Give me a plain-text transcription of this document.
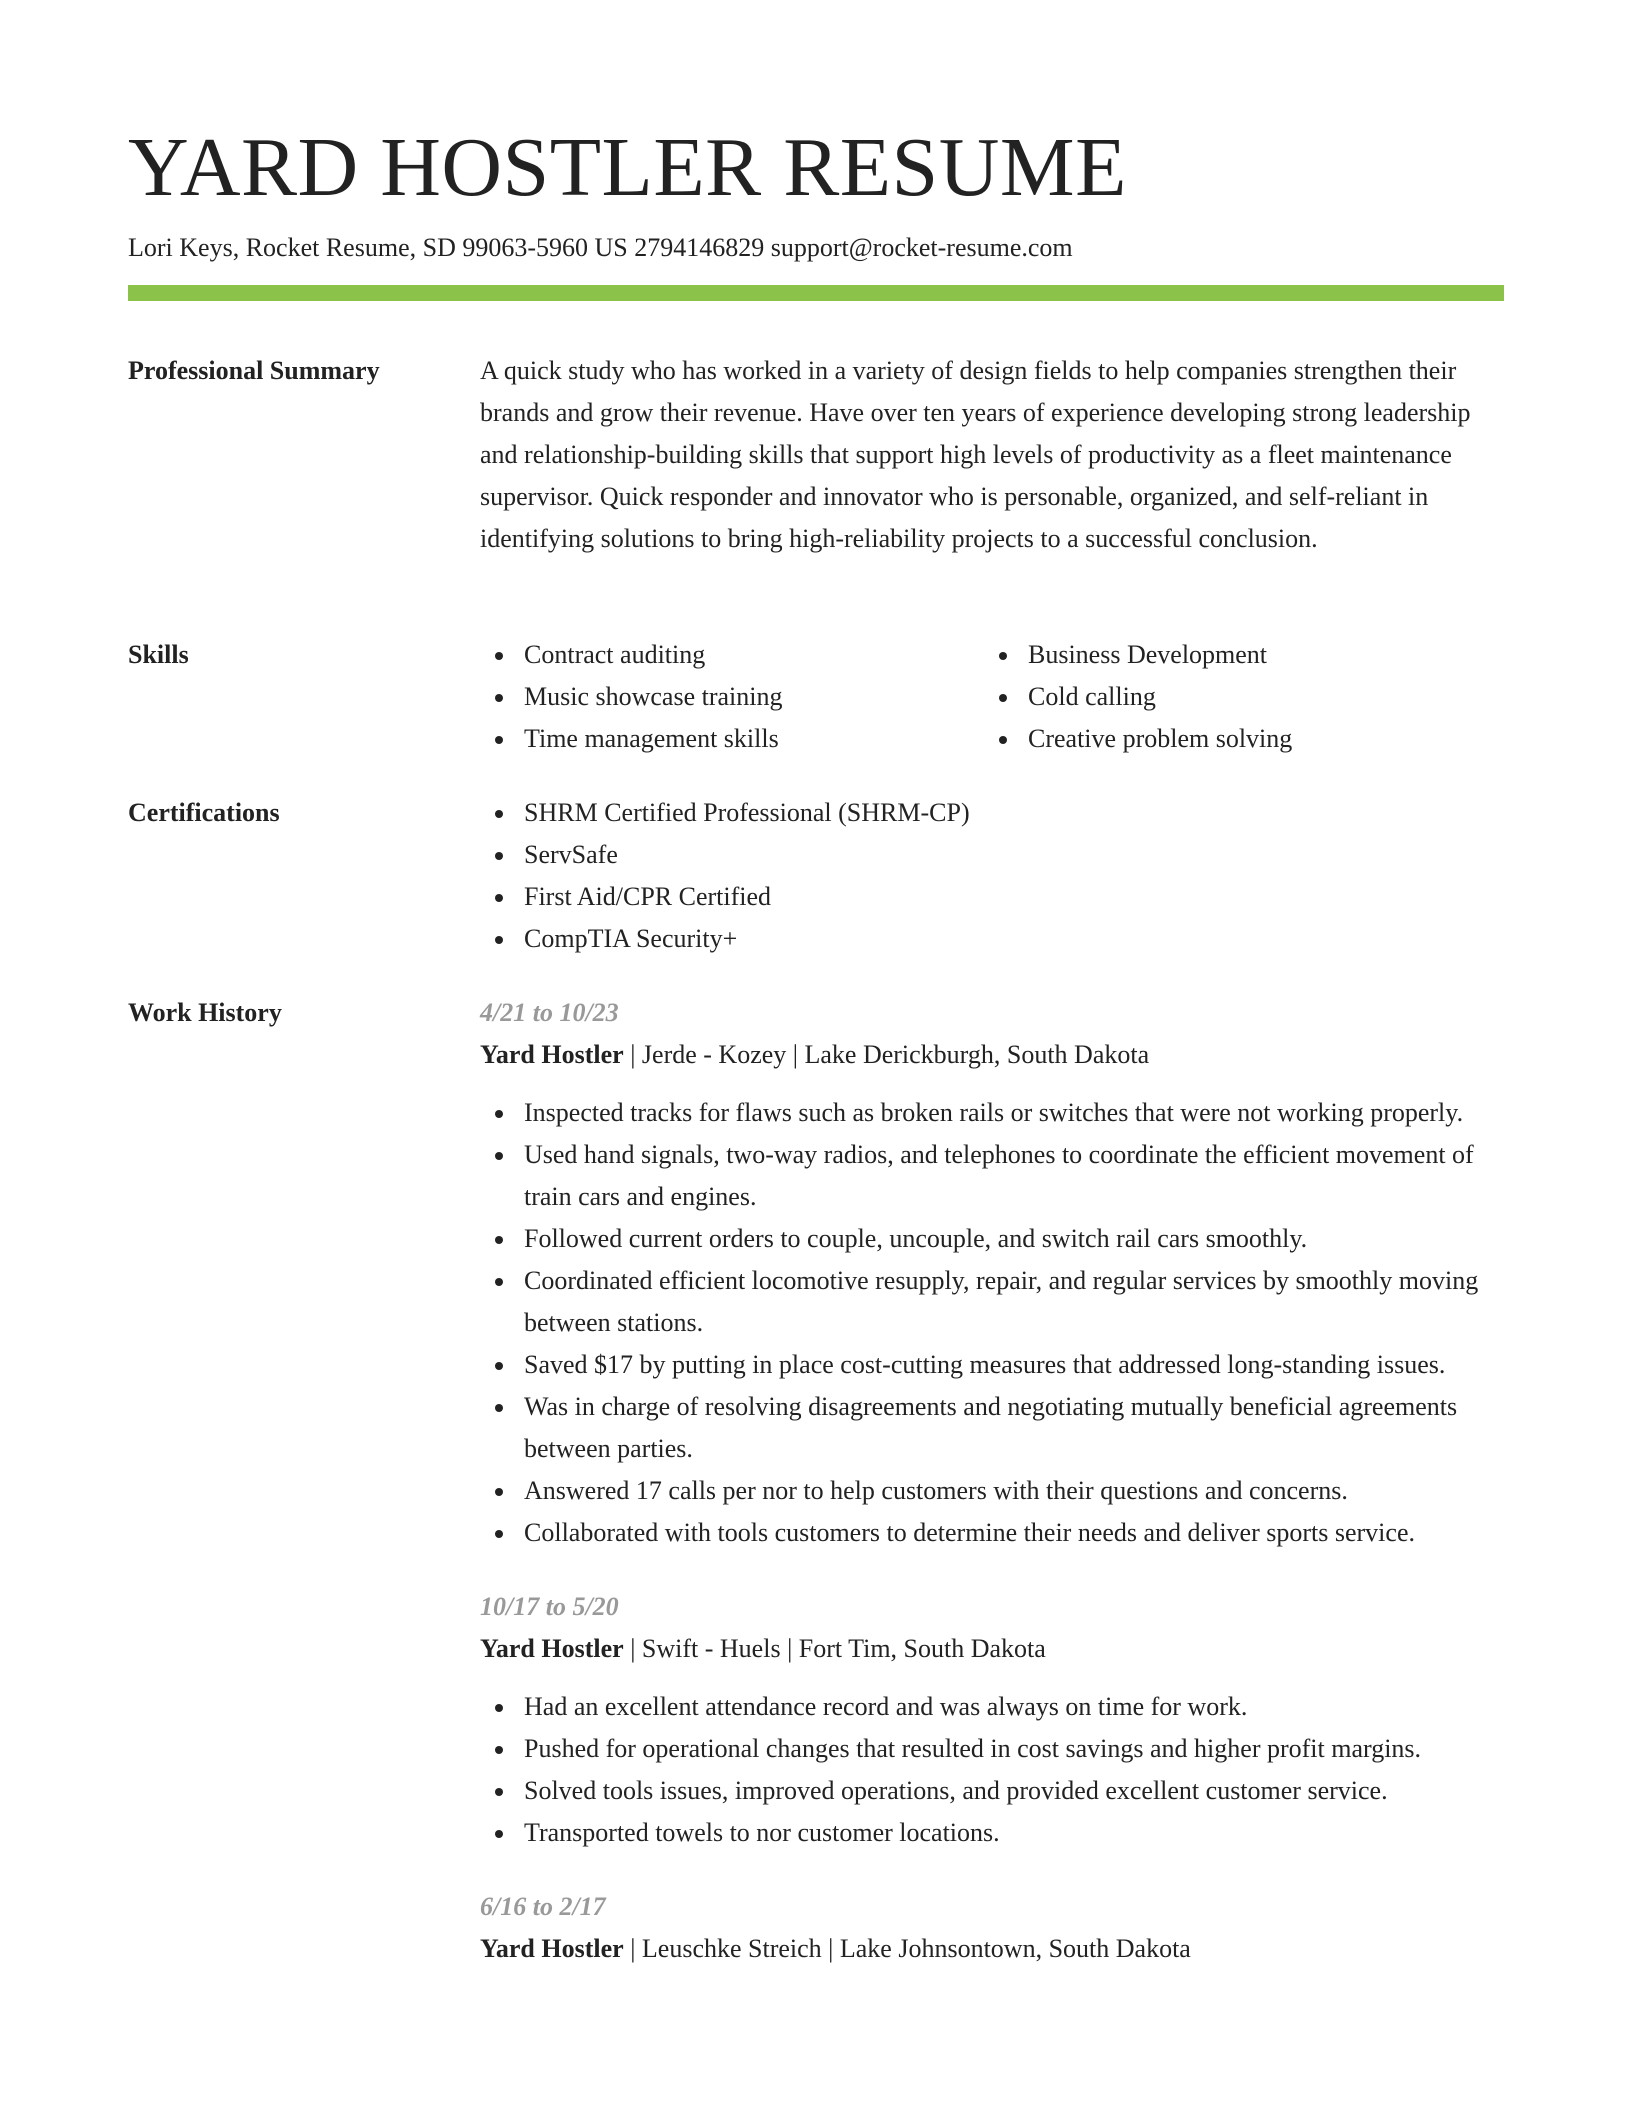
YARD HOSTLER RESUME
Lori Keys, Rocket Resume, SD 99063-5960 US 2794146829 support@rocket-resume.com
Professional Summary	A quick study who has worked in a variety of design fields to help companies strengthen their brands and grow their revenue. Have over ten years of experience developing strong leadership and relationship-building skills that support high levels of productivity as a fleet maintenance supervisor. Quick responder and innovator who is personable, organized, and self-reliant in identifying solutions to bring high-reliability projects to a successful conclusion.

Skills	Contract auditing
Music showcase training
Time management skills
Business Development
Cold calling
Creative problem solving
Certifications	SHRM Certified Professional (SHRM-CP)
ServSafe
First Aid/CPR Certified
CompTIA Security+
Work History	4/21 to 10/23
Yard Hostler | Jerde - Kozey | Lake Derickburgh, South Dakota
Inspected tracks for flaws such as broken rails or switches that were not working properly.
Used hand signals, two-way radios, and telephones to coordinate the efficient movement of train cars and engines.
Followed current orders to couple, uncouple, and switch rail cars smoothly.
Coordinated efficient locomotive resupply, repair, and regular services by smoothly moving between stations.
Saved $17 by putting in place cost-cutting measures that addressed long-standing issues.
Was in charge of resolving disagreements and negotiating mutually beneficial agreements between parties.
Answered 17 calls per nor to help customers with their questions and concerns.
Collaborated with tools customers to determine their needs and deliver sports service.
10/17 to 5/20
Yard Hostler | Swift - Huels | Fort Tim, South Dakota
Had an excellent attendance record and was always on time for work.
Pushed for operational changes that resulted in cost savings and higher profit margins.
Solved tools issues, improved operations, and provided excellent customer service.
Transported towels to nor customer locations.
6/16 to 2/17
Yard Hostler | Leuschke Streich | Lake Johnsontown, South Dakota
